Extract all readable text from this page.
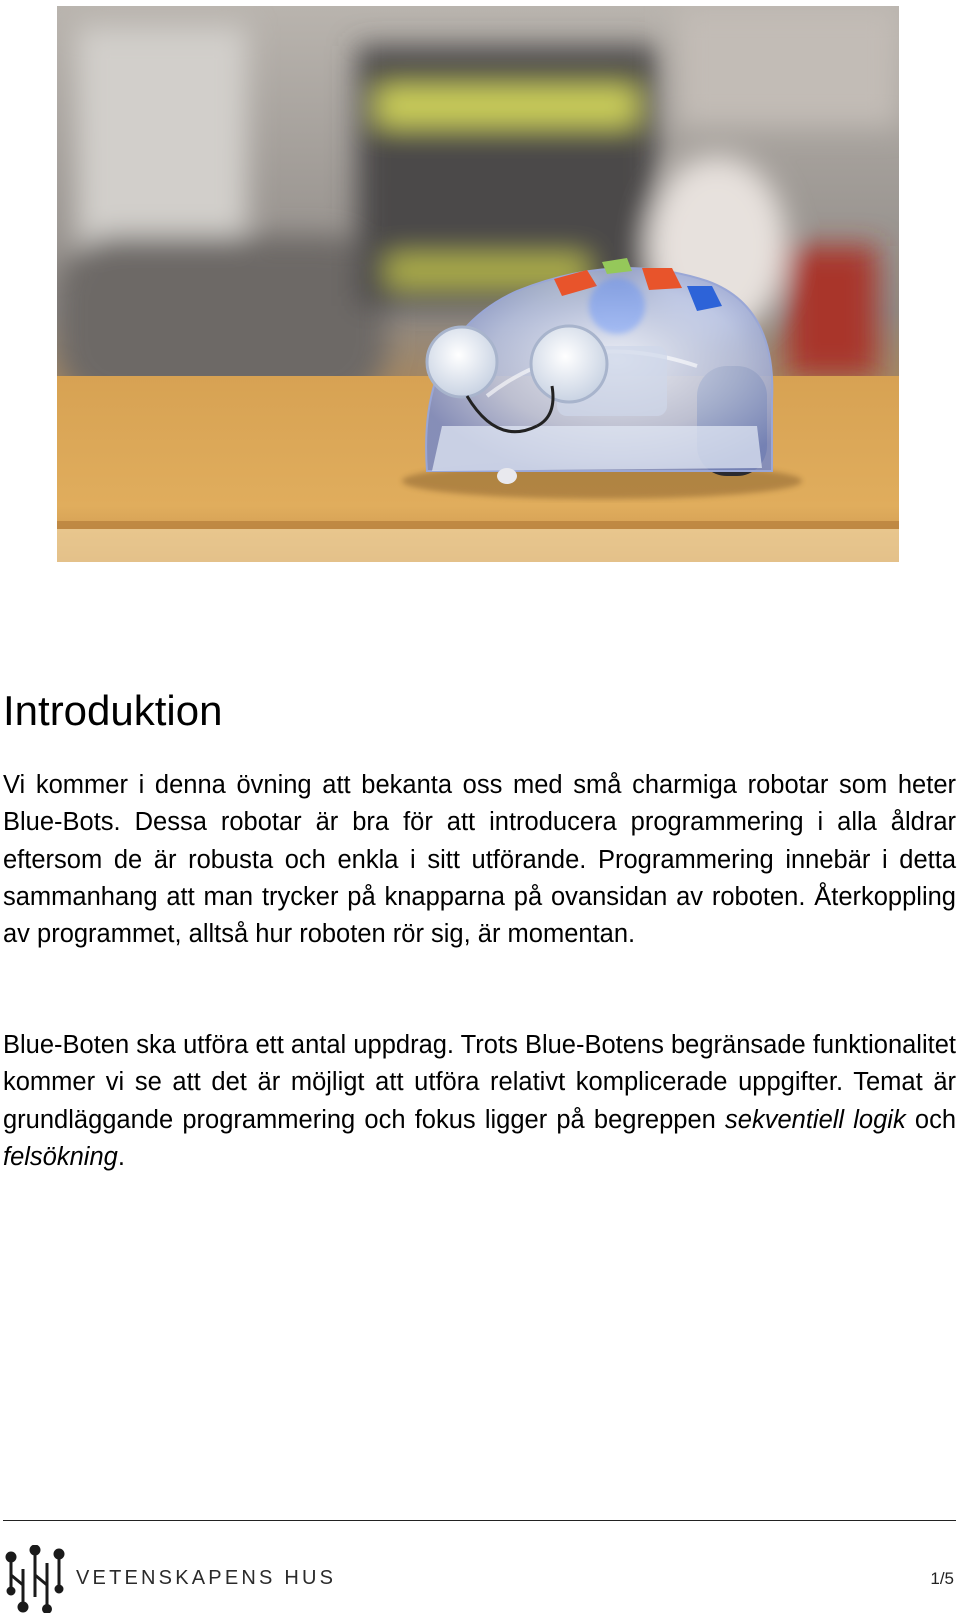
Introduktion

Vi kommer i denna övning att bekanta oss med små charmiga robotar som heter Blue-Bots. Dessa robotar är bra för att introducera programmering i alla åldrar eftersom de är robusta och enkla i sitt utförande. Programmering innebär i detta sammanhang att man trycker på knapparna på ovansidan av roboten. Återkoppling av programmet, alltså hur roboten rör sig, är momentan.

Blue-Boten ska utföra ett antal uppdrag. Trots Blue-Botens begränsade funktionalitet kommer vi se att det är möjligt att utföra relativt komplicerade uppgifter. Temat är grundläggande programmering och fokus ligger på begreppen sekventiell logik och felsökning.

VETENSKAPENS HUS	1/5
